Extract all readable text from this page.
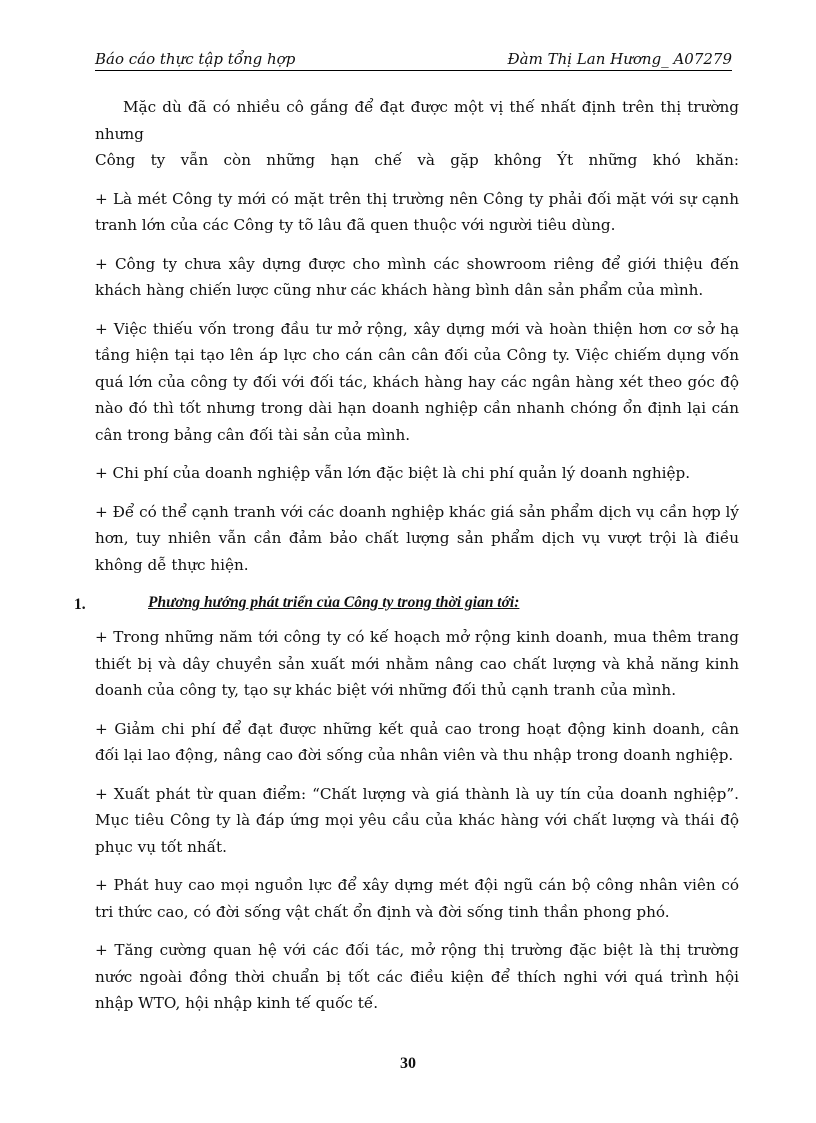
Báo cáo thực tập tổng hợp	Đàm Thị Lan Hương_ A07279

Mặc dù đã có nhiều cô gắng để đạt được một vị thế nhất định trên thị trường nhưng
Công ty vẫn còn những hạn chế và gặp không Ýt những khó khăn:

+ Là mét Công ty mới có mặt trên thị trường nên Công ty phải đối mặt với sự cạnh tranh lớn của các Công ty tõ lâu đã quen thuộc với người tiêu dùng.

+ Công ty chưa xây dựng được cho mình các showroom riêng để giới thiệu đến khách hàng chiến lược cũng như các khách hàng bình dân sản phẩm của mình.

+ Việc thiếu vốn trong đầu tư mở rộng, xây dựng mới và hoàn thiện hơn cơ sở hạ tầng hiện tại tạo lên áp lực cho cán cân cân đối của Công ty. Việc chiếm dụng vốn quá lớn của công ty đối với đối tác, khách hàng hay các ngân hàng xét theo góc độ nào đó thì tốt nhưng trong dài hạn doanh nghiệp cần nhanh chóng ổn định lại cán cân trong bảng cân đối tài sản của mình.

+ Chi phí của doanh nghiệp vẫn lớn đặc biệt là chi phí quản lý doanh nghiệp.

+ Để có thể cạnh tranh với các doanh nghiệp khác giá sản phẩm dịch vụ cần hợp lý hơn, tuy nhiên vẫn cần đảm bảo chất lượng sản phẩm dịch vụ vượt trội là điều không dễ thực hiện.

1.	Phương hướng phát triển của Công ty trong thời gian tới:

+ Trong những năm tới công ty có kế hoạch mở rộng kinh doanh, mua thêm trang thiết bị và dây chuyền sản xuất mới nhằm nâng cao chất lượng và khả năng kinh doanh của công ty, tạo sự khác biệt với những đối thủ cạnh tranh của mình.

+ Giảm chi phí để đạt được những kết quả cao trong hoạt động kinh doanh, cân đối lại lao động, nâng cao đời sống của nhân viên và thu nhập trong doanh nghiệp.

+ Xuất phát từ quan điểm: “Chất lượng và giá thành là uy tín của doanh nghiệp”. Mục tiêu Công ty là đáp ứng mọi yêu cầu của khác hàng với chất lượng và thái độ phục vụ tốt nhất.

+ Phát huy cao mọi nguồn lực để xây dựng mét đội ngũ cán bộ công nhân viên có tri thức cao, có đời sống vật chất ổn định và đời sống tinh thần phong phó.

+ Tăng cường quan hệ với các đối tác, mở rộng thị trường đặc biệt là thị trường nước ngoài đồng thời chuẩn bị tốt các điều kiện để thích nghi với quá trình hội nhập WTO, hội nhập kinh tế quốc tế.

30
